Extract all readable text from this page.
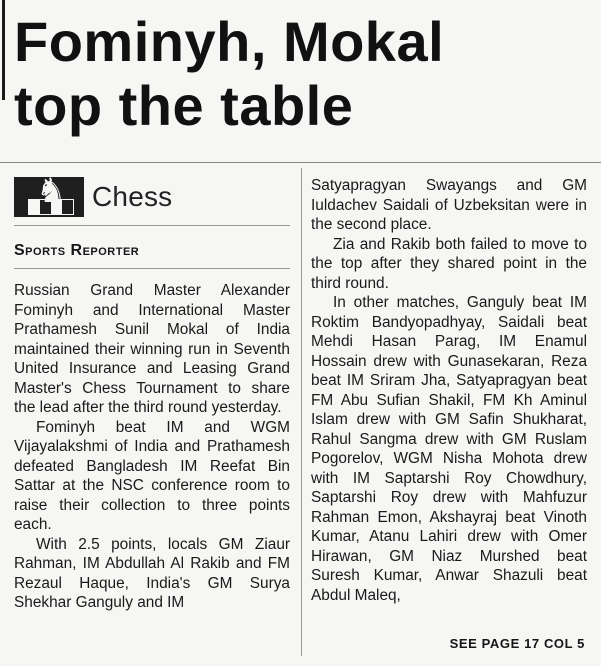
Fominyh, Mokal
top the table
♞ Chess
Sports Reporter

Russian Grand Master Alexander Fominyh and International Master Prathamesh Sunil Mokal of India maintained their winning run in Seventh United Insurance and Leasing Grand Master's Chess Tournament to share the lead after the third round yesterday.

Fominyh beat IM and WGM Vijayalakshmi of India and Prathamesh defeated Bangladesh IM Reefat Bin Sattar at the NSC conference room to raise their collection to three points each.

With 2.5 points, locals GM Ziaur Rahman, IM Abdullah Al Rakib and FM Rezaul Haque, India's GM Surya Shekhar Ganguly and IM

Satyapragyan Swayangs and GM Iuldachev Saidali of Uzbeksitan were in the second place.

Zia and Rakib both failed to move to the top after they shared point in the third round.

In other matches, Ganguly beat IM Roktim Bandyopadhyay, Saidali beat Mehdi Hasan Parag, IM Enamul Hossain drew with Gunasekaran, Reza beat IM Sriram Jha, Satyapragyan beat FM Abu Sufian Shakil, FM Kh Aminul Islam drew with GM Safin Shukharat, Rahul Sangma drew with GM Ruslam Pogorelov, WGM Nisha Mohota drew with IM Saptarshi Roy Chowdhury, Saptarshi Roy drew with Mahfuzur Rahman Emon, Akshayraj beat Vinoth Kumar, Atanu Lahiri drew with Omer Hirawan, GM Niaz Murshed beat Suresh Kumar, Anwar Shazuli beat Abdul Maleq,

SEE PAGE 17 COL 5
